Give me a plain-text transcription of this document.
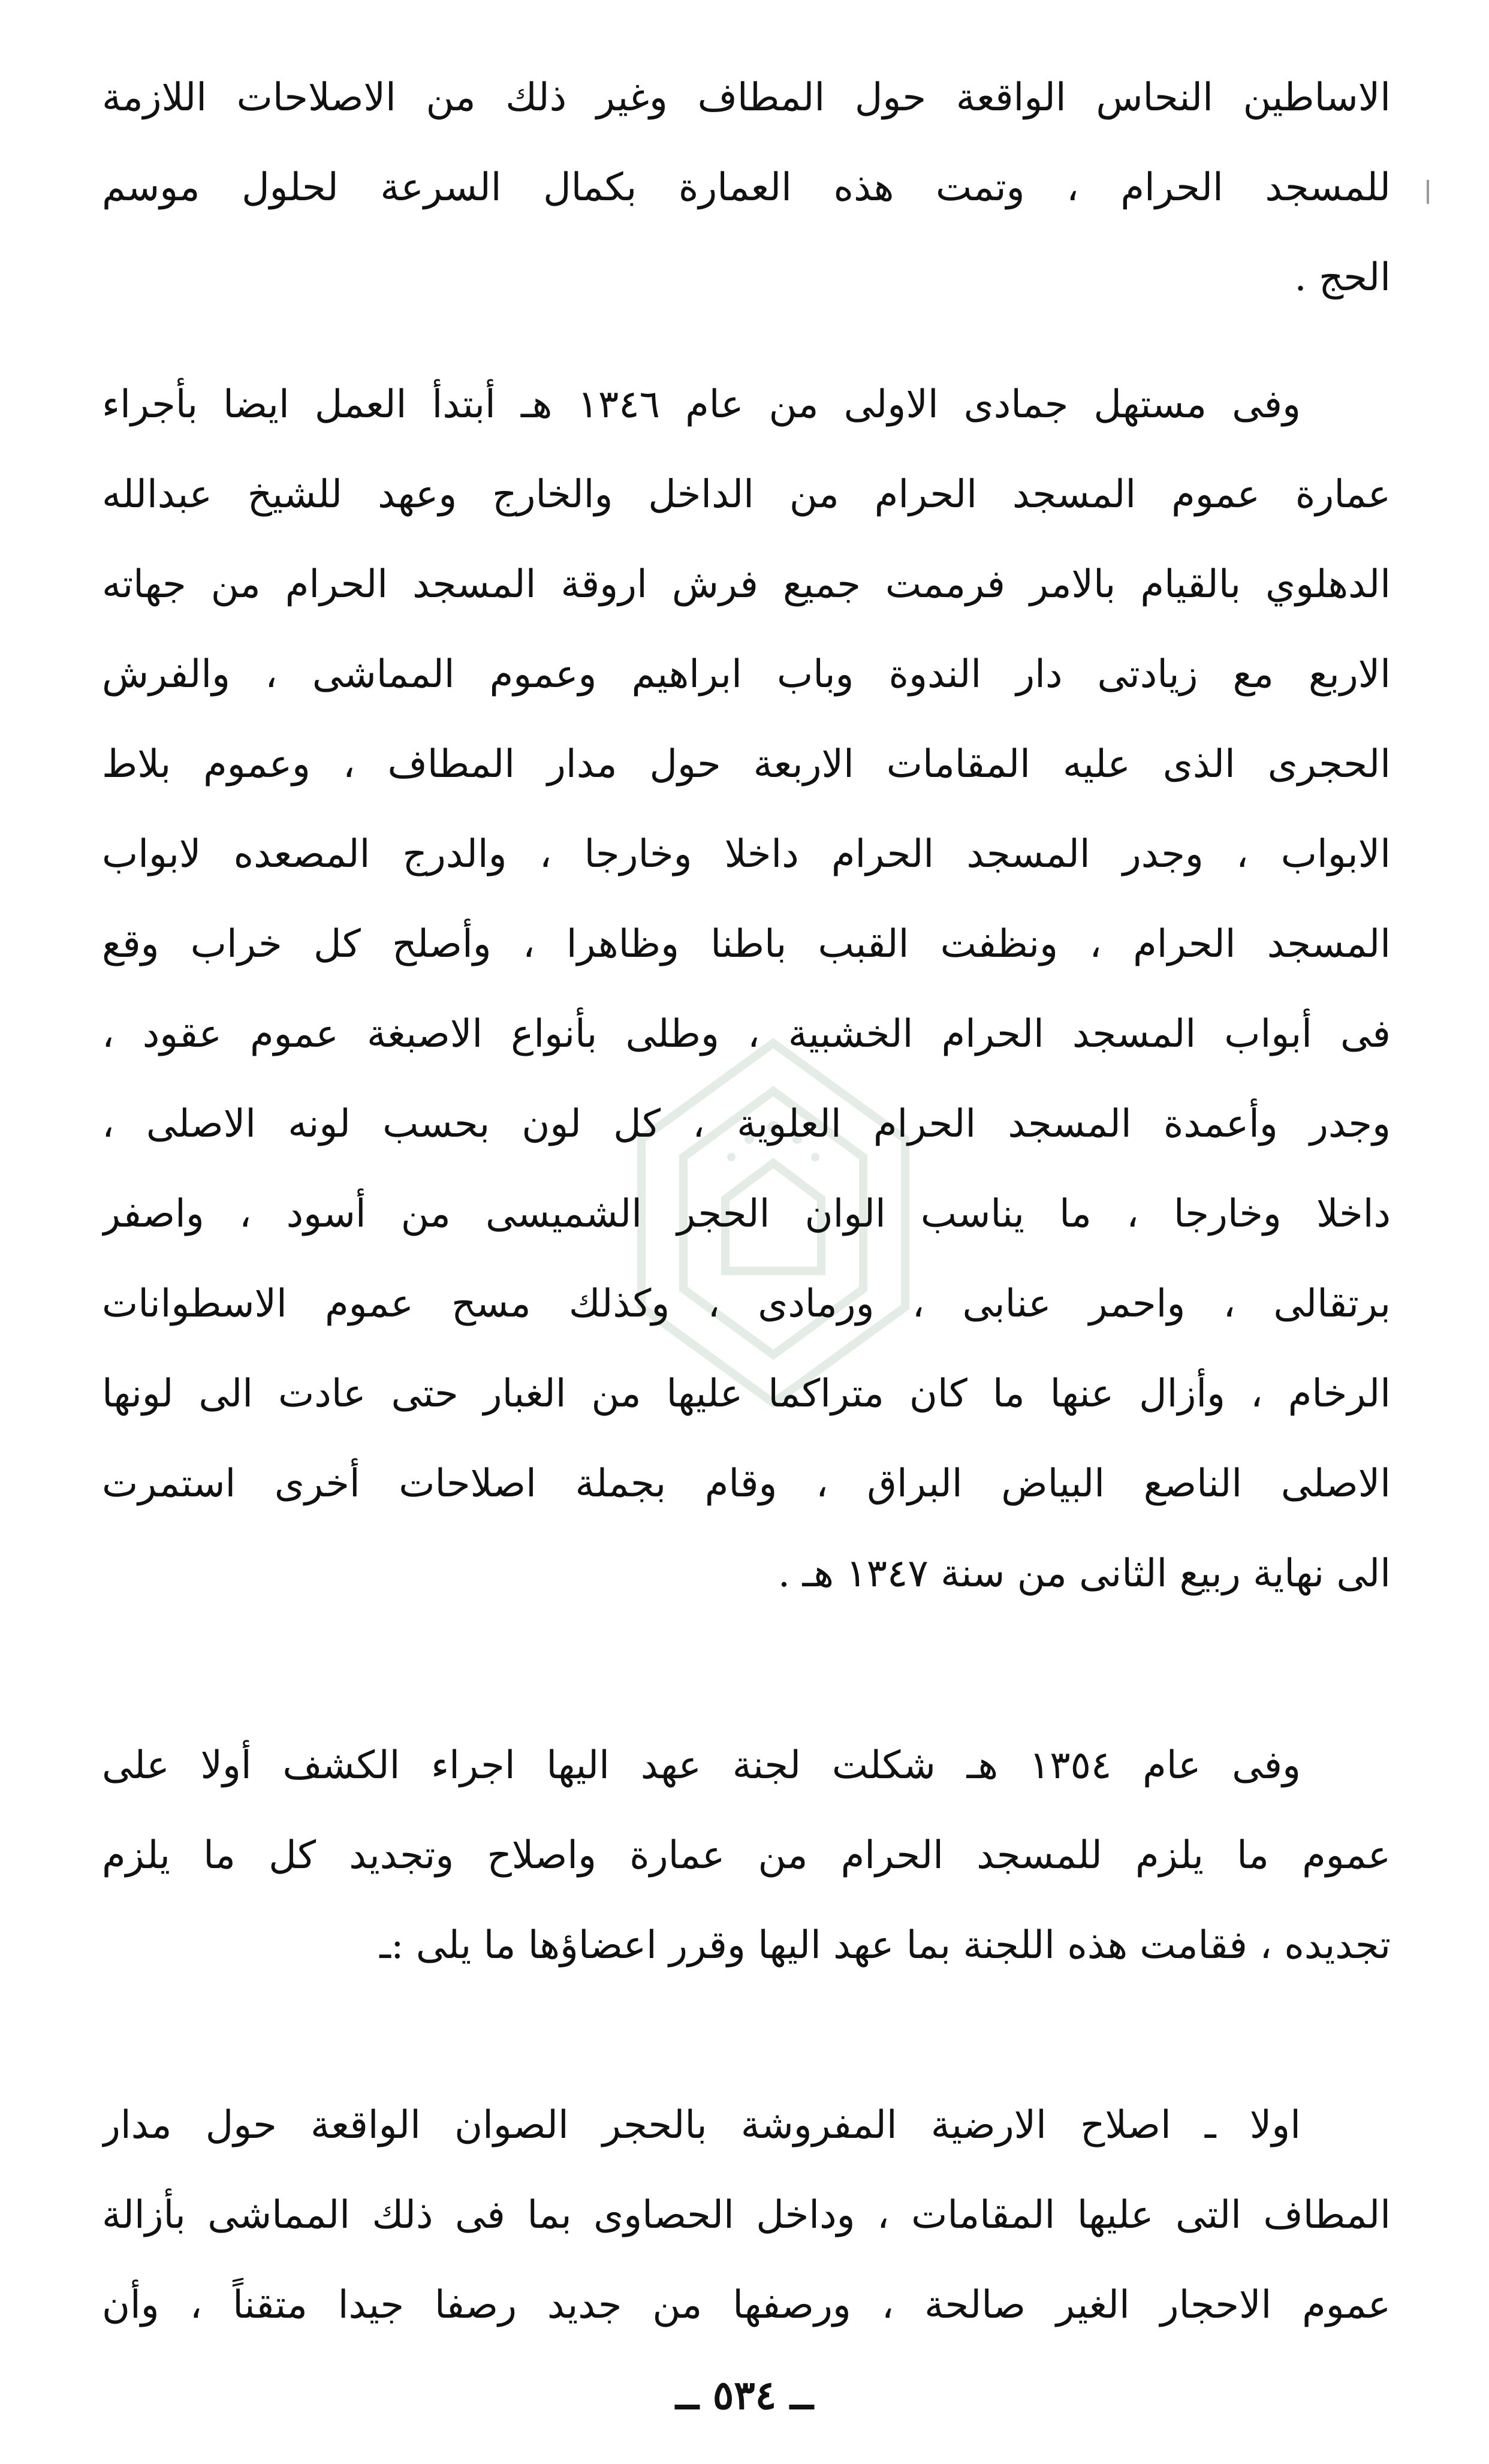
الاساطين النحاس الواقعة حول المطاف وغير ذلك من الاصلاحات اللازمة
للمسجد الحرام ، وتمت هذه العمارة بكمال السرعة لحلول موسم
الحج .
وفى مستهل جمادى الاولى من عام ١٣٤٦ هـ أبتدأ العمل ايضا بأجراء
عمارة عموم المسجد الحرام من الداخل والخارج وعهد للشيخ عبدالله
الدهلوي بالقيام بالامر فرممت جميع فرش اروقة المسجد الحرام من جهاته
الاربع مع زيادتى دار الندوة وباب ابراهيم وعموم المماشى ، والفرش
الحجرى الذى عليه المقامات الاربعة حول مدار المطاف ، وعموم بلاط
الابواب ، وجدر المسجد الحرام داخلا وخارجا ، والدرج المصعده لابواب
المسجد الحرام ، ونظفت القبب باطنا وظاهرا ، وأصلح كل خراب وقع
فى أبواب المسجد الحرام الخشبية ، وطلى بأنواع الاصبغة عموم عقود ،
وجدر وأعمدة المسجد الحرام العلوية ، كل لون بحسب لونه الاصلى ،
داخلا وخارجا ، ما يناسب الوان الحجر الشميسى من أسود ، واصفر
برتقالى ، واحمر عنابى ، ورمادى ، وكذلك مسح عموم الاسطوانات
الرخام ، وأزال عنها ما كان متراكما عليها من الغبار حتى عادت الى لونها
الاصلى الناصع البياض البراق ، وقام بجملة اصلاحات أخرى استمرت
الى نهاية ربيع الثانى من سنة ١٣٤٧ هـ .
وفى عام ١٣٥٤ هـ شكلت لجنة عهد اليها اجراء الكشف أولا على
عموم ما يلزم للمسجد الحرام من عمارة واصلاح وتجديد كل ما يلزم
تجديده ، فقامت هذه اللجنة بما عهد اليها وقرر اعضاؤها ما يلى :ـ
اولا ـ اصلاح الارضية المفروشة بالحجر الصوان الواقعة حول مدار
المطاف التى عليها المقامات ، وداخل الحصاوى بما فى ذلك المماشى بأزالة
عموم الاحجار الغير صالحة ، ورصفها من جديد رصفا جيدا متقناً ، وأن
ــ ٥٣٤ ــ
